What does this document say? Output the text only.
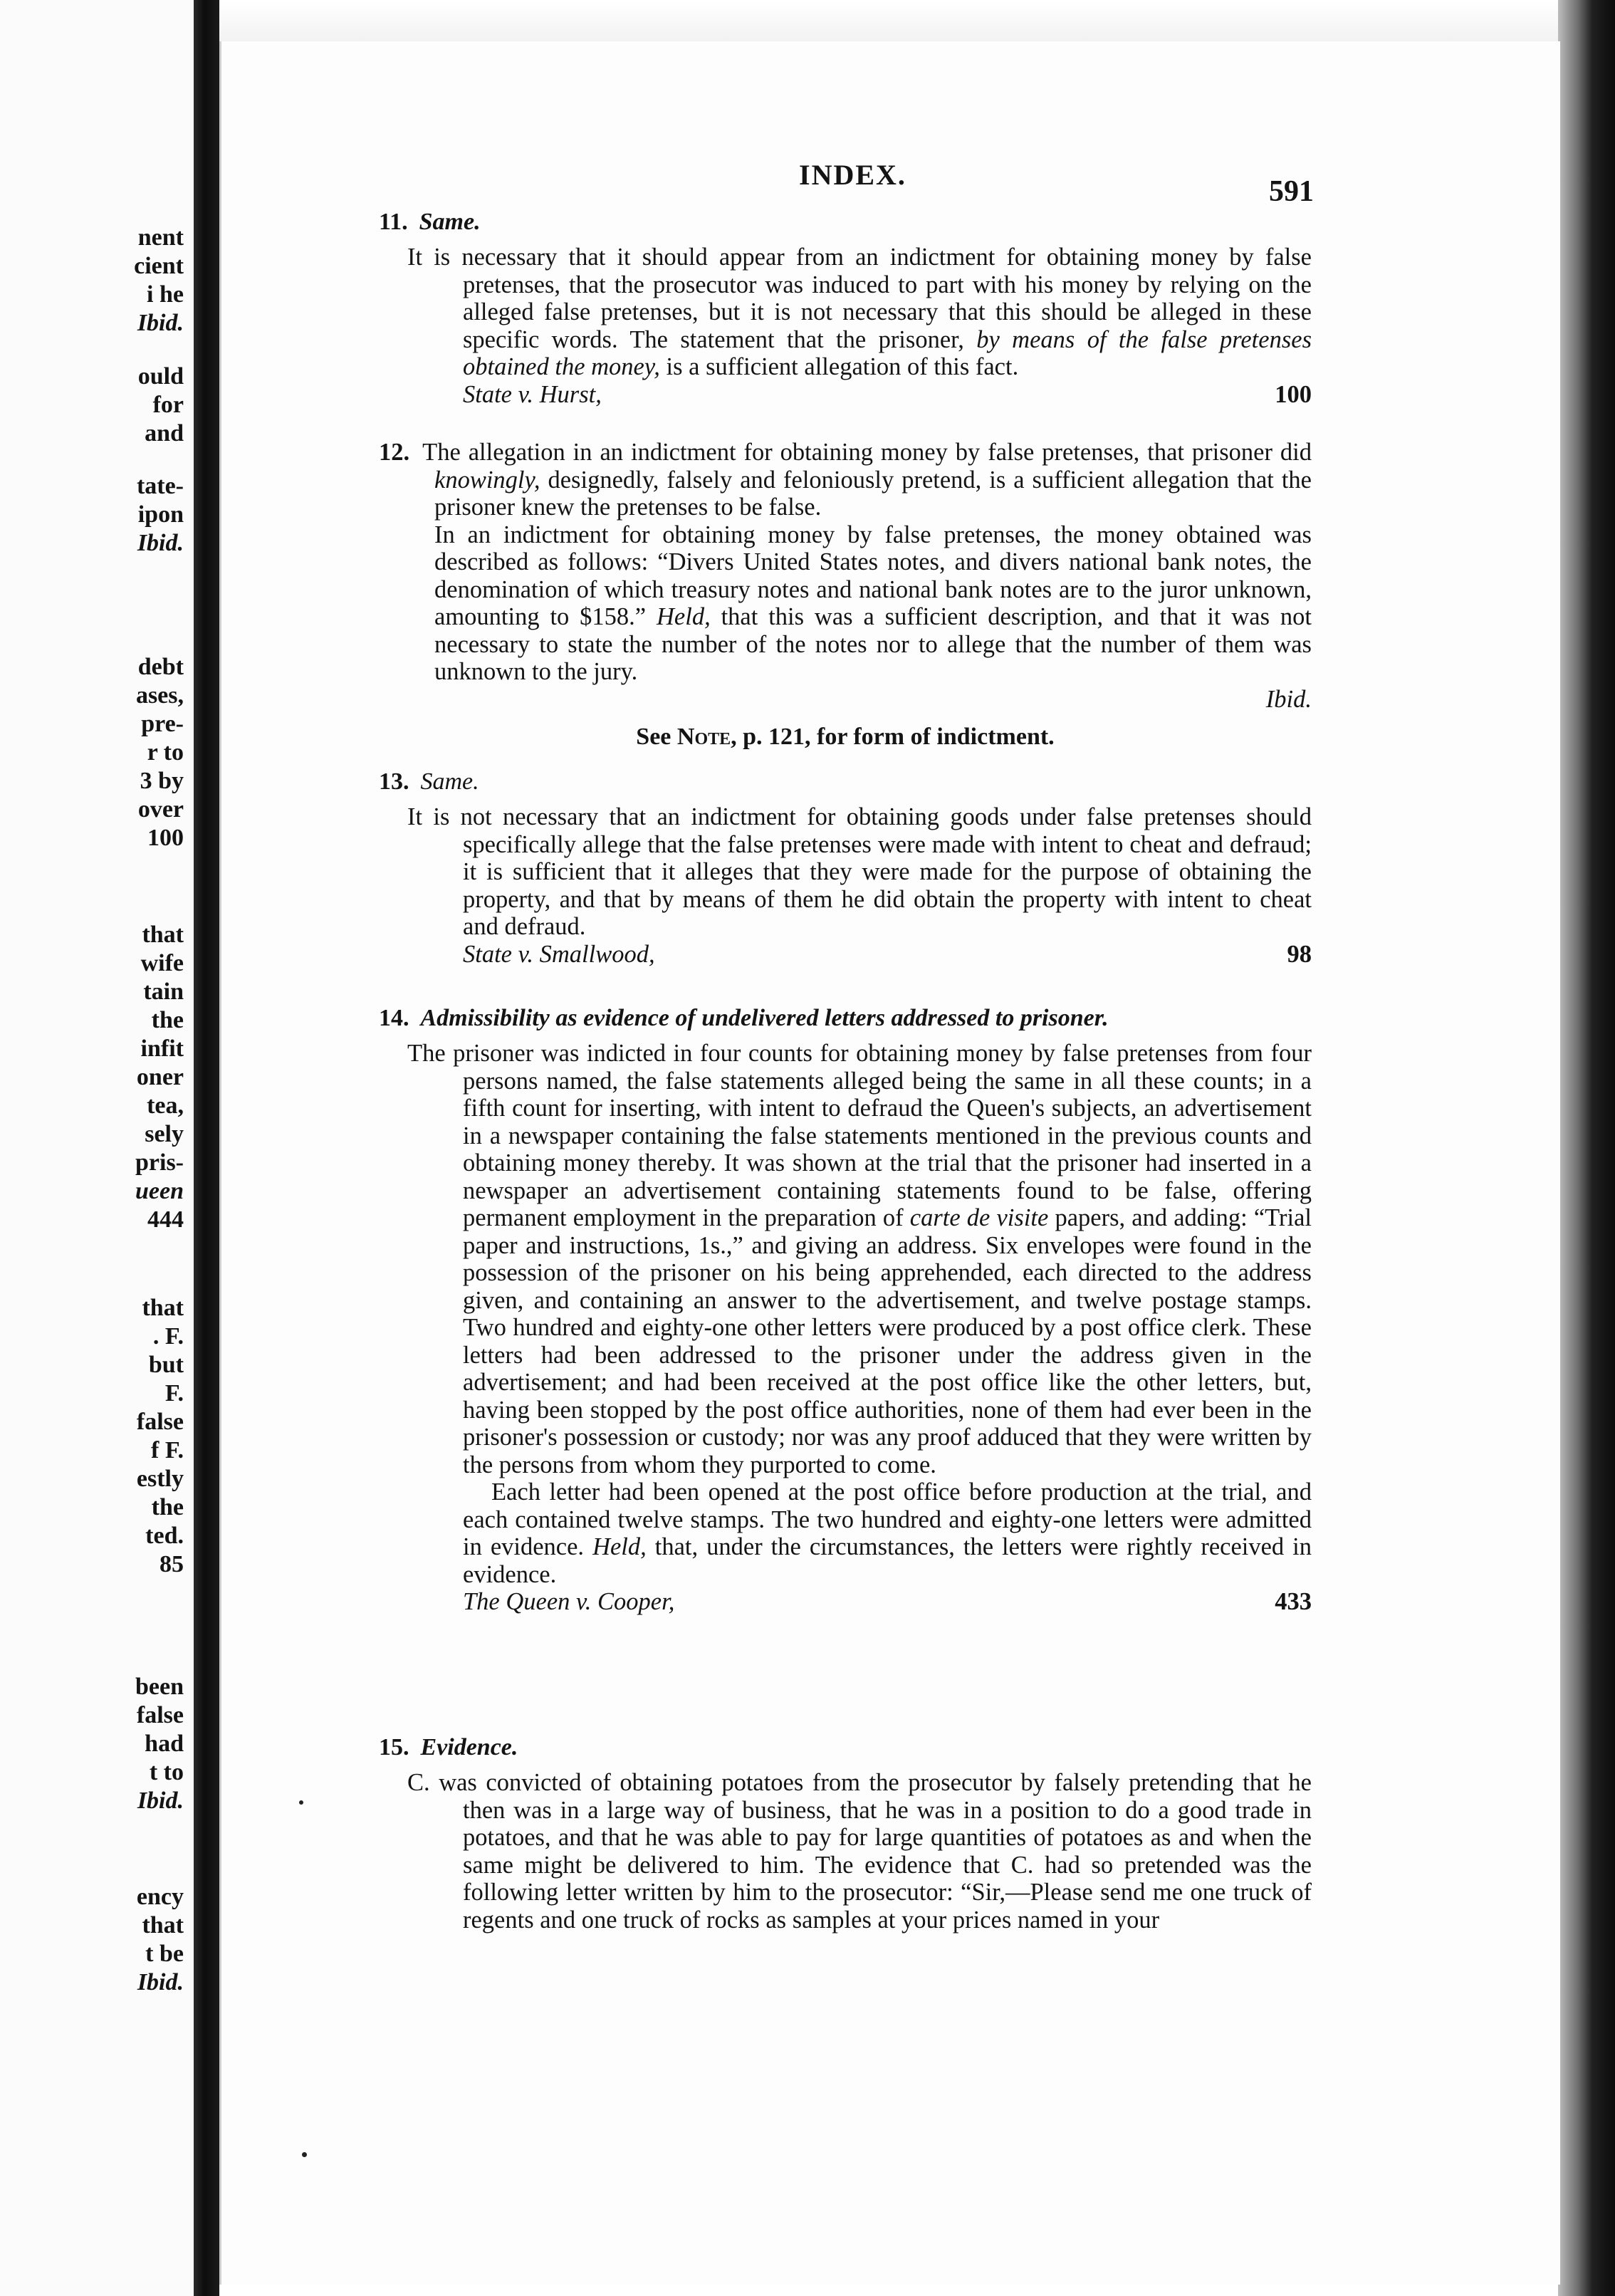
nent
cient
i he
Ibid.
ould
for
and
tate-
ipon
Ibid.
debt
ases,
pre-
r to
3 by
over
100
that
wife
tain
the
infit
oner
tea,
sely
pris-
ueen
444
that
. F.
but
F.
false
f F.
estly
the
ted.
85
been
false
had
t to
Ibid.
ency
that
t be
Ibid.
INDEX.
591
11. Same.

It is necessary that it should appear from an indictment for obtaining money by false pretenses, that the prosecutor was induced to part with his money by relying on the alleged false pretenses, but it is not necessary that this should be alleged in these specific words. The statement that the prisoner, by means of the false pretenses obtained the money, is a sufficient allegation of this fact.

State v. Hurst,	100

12. The allegation in an indictment for obtaining money by false pretenses, that prisoner did knowingly, designedly, falsely and feloniously pretend, is a sufficient allegation that the prisoner knew the pretenses to be false.

In an indictment for obtaining money by false pretenses, the money obtained was described as follows: “Divers United States notes, and divers national bank notes, the denomination of which treasury notes and national bank notes are to the juror unknown, amounting to $158.” Held, that this was a sufficient description, and that it was not necessary to state the number of the notes nor to allege that the number of them was unknown to the jury.

Ibid.
See Note, p. 121, for form of indictment.
13. Same.

It is not necessary that an indictment for obtaining goods under false pretenses should specifically allege that the false pretenses were made with intent to cheat and defraud; it is sufficient that it alleges that they were made for the purpose of obtaining the property, and that by means of them he did obtain the property with intent to cheat and defraud.

State v. Smallwood,	98
14. Admissibility as evidence of undelivered letters addressed to prisoner.

The prisoner was indicted in four counts for obtaining money by false pretenses from four persons named, the false statements alleged being the same in all these counts; in a fifth count for inserting, with intent to defraud the Queen's subjects, an advertisement in a newspaper containing the false statements mentioned in the previous counts and obtaining money thereby. It was shown at the trial that the prisoner had inserted in a newspaper an advertisement containing statements found to be false, offering permanent employment in the preparation of carte de visite papers, and adding: “Trial paper and instructions, 1s.,” and giving an address. Six envelopes were found in the possession of the prisoner on his being apprehended, each directed to the address given, and containing an answer to the advertisement, and twelve postage stamps. Two hundred and eighty-one other letters were produced by a post office clerk. These letters had been addressed to the prisoner under the address given in the advertisement; and had been received at the post office like the other letters, but, having been stopped by the post office authorities, none of them had ever been in the prisoner's possession or custody; nor was any proof adduced that they were written by the persons from whom they purported to come.

Each letter had been opened at the post office before production at the trial, and each contained twelve stamps. The two hundred and eighty-one letters were admitted in evidence. Held, that, under the circumstances, the letters were rightly received in evidence.

The Queen v. Cooper,	433
15. Evidence.

C. was convicted of obtaining potatoes from the prosecutor by falsely pretending that he then was in a large way of business, that he was in a position to do a good trade in potatoes, and that he was able to pay for large quantities of potatoes as and when the same might be delivered to him. The evidence that C. had so pretended was the following letter written by him to the prosecutor: “Sir,—Please send me one truck of regents and one truck of rocks as samples at your prices named in your
